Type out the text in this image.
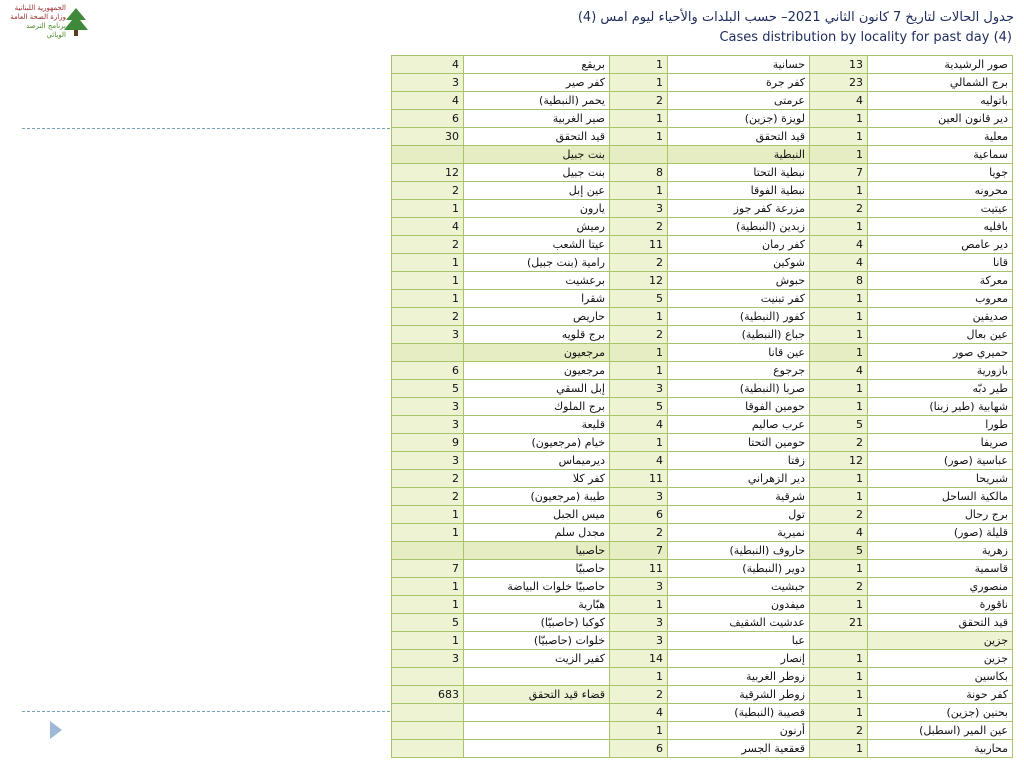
الجمهورية اللبنانية
وزارة الصحة العامة
برنامج الترصد الوبائي
جدول الحالات لتاريخ 7 كانون الثاني 2021– حسب البلدات والأحياء ليوم امس (4)
Cases distribution by locality for past day (4)
4	بريقع	1	حسانية	13	صور الرشيدية
3	كفر صير	1	كفر جرة	23	برج الشمالي
4	يحمر (النبطية)	2	عرمتى	4	باتوليه
6	صير الغربية	1	لويزة (جزين)	1	دير قانون العين
30	قيد التحقق	1	قيد التحقق	1	معلية
	بنت جبيل		النبطية	1	سماعية
12	بنت جبيل	8	نبطية التحتا	7	جويا
2	عين إبل	1	نبطية الفوقا	1	محرونه
1	يارون	3	مزرعة كفر جوز	2	عيتيت
4	رميش	2	زبدين (النبطية)	1	بافليه
2	عيتا الشعب	11	كفر رمان	4	دير عامص
1	رامية (بنت جبيل)	2	شوكين	4	قانا
1	برعشيت	12	حبوش	8	معركة
1	شقرا	5	كفر تبنيت	1	معروب
2	حاريص	1	كفور (النبطية)	1	صديقين
3	برج قلويه	2	جباع (النبطية)	1	عين بعال
	مرجعيون	1	عين قانا	1	حميري صور
6	مرجعيون	1	جرجوع	4	بازورية
5	إبل السقي	3	صربا (النبطية)	1	طير دبّه
3	برج الملوك	5	حومين الفوقا	1	شهابية (طير زبنا)
3	قليعة	4	عرب صاليم	5	طورا
9	خيام (مرجعيون)	1	حومين التحتا	2	صريفا
3	ديرميماس	4	زفتا	12	عباسية (صور)
2	كفر كلا	11	دير الزهراني	1	شبريحا
2	طيبة (مرجعيون)	3	شرقية	1	مالكية الساحل
1	ميس الجبل	6	تول	2	برج رحال
1	مجدل سلم	2	نميرية	4	قليلة (صور)
	حاصبيا	7	حاروف (النبطية)	5	زهرية
7	حاصبيّا	11	دوير (النبطية)	1	قاسمية
1	حاصبيّا خلوات البياضة	3	جبشيت	2	منصوري
1	هبّارية	1	ميفدون	1	ناقورة
5	كوكبا (حاصبيّا)	3	عدشيت الشقيف	21	قيد التحقق
1	خلوات (حاصبيّا)	3	عبا		جزين
3	كفير الزيت	14	إنصار	1	جزين
		1	زوطر الغربية	1	بكاسين
683	قضاء قيد التحقق	2	زوطر الشرقية	1	كفر حونة
		4	قصيبة (النبطية)	1	بحنين (جزين)
		1	أرنون	2	عين المير (اسطبل)
		6	قعقعية الجسر	1	محاربية
